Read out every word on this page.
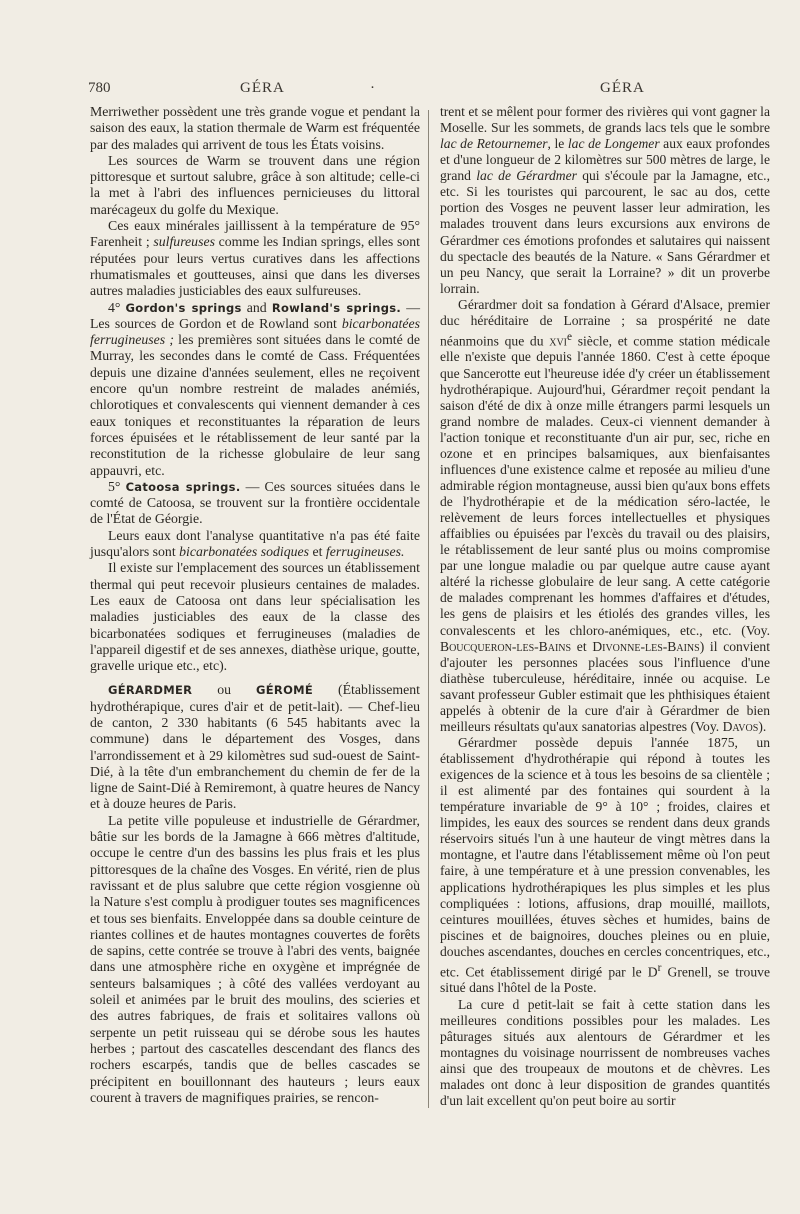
780	GÉRA	·	GÉRA

Merriwether possèdent une très grande vogue et pendant la saison des eaux, la station thermale de Warm est fréquentée par des malades qui arrivent de tous les États voisins.

Les sources de Warm se trouvent dans une région pittoresque et surtout salubre, grâce à son altitude; celle-ci la met à l'abri des influences pernicieuses du littoral marécageux du golfe du Mexique.

Ces eaux minérales jaillissent à la température de 95° Farenheit ; sulfureuses comme les Indian springs, elles sont réputées pour leurs vertus curatives dans les affections rhumatismales et goutteuses, ainsi que dans les diverses autres maladies justiciables des eaux sulfureuses.

4° Gordon's springs and Rowland's springs. — Les sources de Gordon et de Rowland sont bicarbonatées ferrugineuses ; les premières sont situées dans le comté de Murray, les secondes dans le comté de Cass. Fréquentées depuis une dizaine d'années seulement, elles ne reçoivent encore qu'un nombre restreint de malades anémiés, chlorotiques et convalescents qui viennent demander à ces eaux toniques et reconstituantes la réparation de leurs forces épuisées et le rétablissement de leur santé par la reconstitution de la richesse globulaire de leur sang appauvri, etc.

5° Catoosa springs. — Ces sources situées dans le comté de Catoosa, se trouvent sur la frontière occidentale de l'État de Géorgie.

Leurs eaux dont l'analyse quantitative n'a pas été faite jusqu'alors sont bicarbonatées sodiques et ferrugineuses.

Il existe sur l'emplacement des sources un établissement thermal qui peut recevoir plusieurs centaines de malades. Les eaux de Catoosa ont dans leur spécialisation les maladies justiciables des eaux de la classe des bicarbonatées sodiques et ferrugineuses (maladies de l'appareil digestif et de ses annexes, diathèse urique, goutte, gravelle urique etc., etc).

GÉRARDMER ou GÉROMÉ (Établissement hydrothérapique, cures d'air et de petit-lait). — Chef-lieu de canton, 2 330 habitants (6 545 habitants avec la commune) dans le département des Vosges, dans l'arrondissement et à 29 kilomètres sud sud-ouest de Saint-Dié, à la tête d'un embranchement du chemin de fer de la ligne de Saint-Dié à Remiremont, à quatre heures de Nancy et à douze heures de Paris.

La petite ville populeuse et industrielle de Gérardmer, bâtie sur les bords de la Jamagne à 666 mètres d'altitude, occupe le centre d'un des bassins les plus frais et les plus pittoresques de la chaîne des Vosges. En vérité, rien de plus ravissant et de plus salubre que cette région vosgienne où la Nature s'est complu à prodiguer toutes ses magnificences et tous ses bienfaits. Enveloppée dans sa double ceinture de riantes collines et de hautes montagnes couvertes de forêts de sapins, cette contrée se trouve à l'abri des vents, baignée dans une atmosphère riche en oxygène et imprégnée de senteurs balsamiques ; à côté des vallées verdoyant au soleil et animées par le bruit des moulins, des scieries et des autres fabriques, de frais et solitaires vallons où serpente un petit ruisseau qui se dérobe sous les hautes herbes ; partout des cascatelles descendant des flancs des rochers escarpés, tandis que de belles cascades se précipitent en bouillonnant des hauteurs ; leurs eaux courent à travers de magnifiques prairies, se rencon-

trent et se mêlent pour former des rivières qui vont gagner la Moselle. Sur les sommets, de grands lacs tels que le sombre lac de Retournemer, le lac de Longemer aux eaux profondes et d'une longueur de 2 kilomètres sur 500 mètres de large, le grand lac de Gérardmer qui s'écoule par la Jamagne, etc., etc. Si les touristes qui parcourent, le sac au dos, cette portion des Vosges ne peuvent lasser leur admiration, les malades trouvent dans leurs excursions aux environs de Gérardmer ces émotions profondes et salutaires qui naissent du spectacle des beautés de la Nature. « Sans Gérardmer et un peu Nancy, que serait la Lorraine? » dit un proverbe lorrain.

Gérardmer doit sa fondation à Gérard d'Alsace, premier duc héréditaire de Lorraine ; sa prospérité ne date néanmoins que du xvi$^e$ siècle, et comme station médicale elle n'existe que depuis l'année 1860. C'est à cette époque que Sancerotte eut l'heureuse idée d'y créer un établissement hydrothérapique. Aujourd'hui, Gérardmer reçoit pendant la saison d'été de dix à onze mille étrangers parmi lesquels un grand nombre de malades. Ceux-ci viennent demander à l'action tonique et reconstituante d'un air pur, sec, riche en ozone et en principes balsamiques, aux bienfaisantes influences d'une existence calme et reposée au milieu d'une admirable région montagneuse, aussi bien qu'aux bons effets de l'hydrothérapie et de la médication séro-lactée, le relèvement de leurs forces intellectuelles et physiques affaiblies ou épuisées par l'excès du travail ou des plaisirs, le rétablissement de leur santé plus ou moins compromise par une longue maladie ou par quelque autre cause ayant altéré la richesse globulaire de leur sang. A cette catégorie de malades comprenant les hommes d'affaires et d'études, les gens de plaisirs et les étiolés des grandes villes, les convalescents et les chloro-anémiques, etc., etc. (Voy. Boucqueron-les-Bains et Divonne-les-Bains) il convient d'ajouter les personnes placées sous l'influence d'une diathèse tuberculeuse, héréditaire, innée ou acquise. Le savant professeur Gubler estimait que les phthisiques étaient appelés à obtenir de la cure d'air à Gérardmer de bien meilleurs résultats qu'aux sanatorias alpestres (Voy. Davos).

Gérardmer possède depuis l'année 1875, un établissement d'hydrothérapie qui répond à toutes les exigences de la science et à tous les besoins de sa clientèle ; il est alimenté par des fontaines qui sourdent à la température invariable de 9° à 10° ; froides, claires et limpides, les eaux des sources se rendent dans deux grands réservoirs situés l'un à une hauteur de vingt mètres dans la montagne, et l'autre dans l'établissement même où l'on peut faire, à une température et à une pression convenables, les applications hydrothérapiques les plus simples et les plus compliquées : lotions, affusions, drap mouillé, maillots, ceintures mouillées, étuves sèches et humides, bains de piscines et de baignoires, douches pleines ou en pluie, douches ascendantes, douches en cercles concentriques, etc., etc. Cet établissement dirigé par le $D^r$ Grenell, se trouve situé dans l'hôtel de la Poste.

La cure d petit-lait se fait à cette station dans les meilleures conditions possibles pour les malades. Les pâturages situés aux alentours de Gérardmer et les montagnes du voisinage nourrissent de nombreuses vaches ainsi que des troupeaux de moutons et de chèvres. Les malades ont donc à leur disposition de grandes quantités d'un lait excellent qu'on peut boire au sortir
